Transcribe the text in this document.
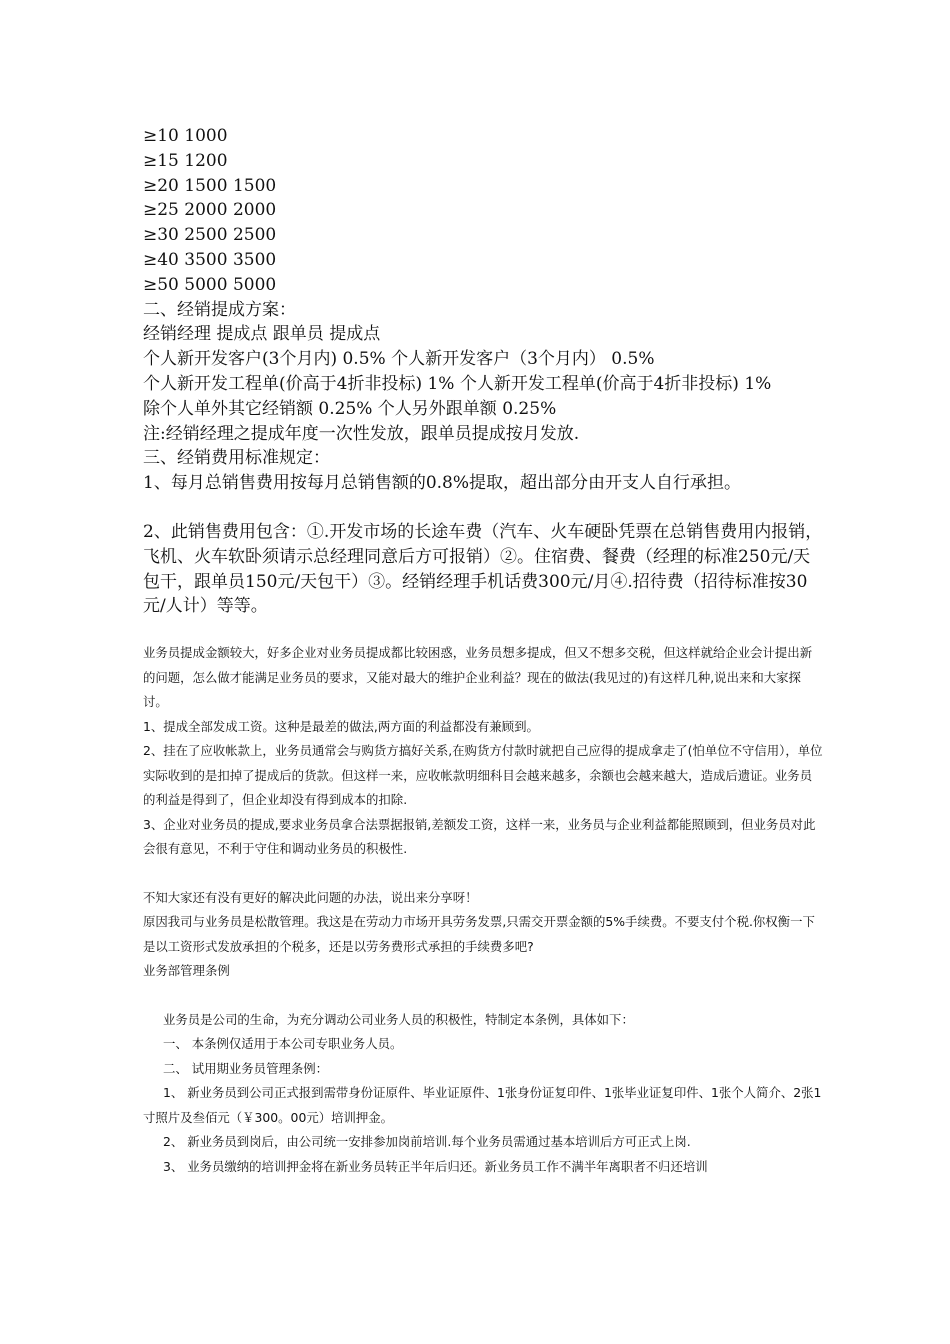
≥10 1000

≥15 1200

≥20 1500 1500

≥25 2000 2000

≥30 2500 2500

≥40 3500 3500

≥50 5000 5000

二、经销提成方案：

经销经理 提成点 跟单员 提成点

个人新开发客户(3个月内) 0.5% 个人新开发客户（3个月内） 0.5%

个人新开发工程单(价高于4折非投标) 1% 个人新开发工程单(价高于4折非投标) 1%

除个人单外其它经销额 0.25% 个人另外跟单额 0.25%

注:经销经理之提成年度一次性发放，跟单员提成按月发放.

三、经销费用标准规定：

1、每月总销售费用按每月总销售额的0.8%提取，超出部分由开支人自行承担。

2、此销售费用包含：①.开发市场的长途车费（汽车、火车硬卧凭票在总销售费用内报销，飞机、火车软卧须请示总经理同意后方可报销）②。住宿费、餐费（经理的标准250元/天包干，跟单员150元/天包干）③。经销经理手机话费300元/月④.招待费（招待标准按30元/人计）等等。

业务员提成金额较大，好多企业对业务员提成都比较困惑，业务员想多提成，但又不想多交税，但这样就给企业会计提出新的问题，怎么做才能满足业务员的要求，又能对最大的维护企业利益？现在的做法(我见过的)有这样几种,说出来和大家探讨。

1、提成全部发成工资。这种是最差的做法,两方面的利益都没有兼顾到。

2、挂在了应收帐款上，业务员通常会与购货方搞好关系,在购货方付款时就把自己应得的提成拿走了(怕单位不守信用），单位实际收到的是扣掉了提成后的货款。但这样一来，应收帐款明细科目会越来越多，余额也会越来越大，造成后遗证。业务员的利益是得到了，但企业却没有得到成本的扣除.

3、企业对业务员的提成,要求业务员拿合法票据报销,差额发工资，这样一来，业务员与企业利益都能照顾到，但业务员对此会很有意见，不利于守住和调动业务员的积极性.

不知大家还有没有更好的解决此问题的办法，说出来分享呀！

原因我司与业务员是松散管理。我这是在劳动力市场开具劳务发票,只需交开票金额的5%手续费。不要支付个税.你权衡一下是以工资形式发放承担的个税多，还是以劳务费形式承担的手续费多吧?

业务部管理条例

业务员是公司的生命，为充分调动公司业务人员的积极性，特制定本条例，具体如下：

一、 本条例仅适用于本公司专职业务人员。

二、 试用期业务员管理条例：

1、 新业务员到公司正式报到需带身份证原件、毕业证原件、1张身份证复印件、1张毕业证复印件、1张个人简介、2张1寸照片及叁佰元（￥300。00元）培训押金。

2、 新业务员到岗后，由公司统一安排参加岗前培训.每个业务员需通过基本培训后方可正式上岗.

3、 业务员缴纳的培训押金将在新业务员转正半年后归还。新业务员工作不满半年离职者不归还培训
